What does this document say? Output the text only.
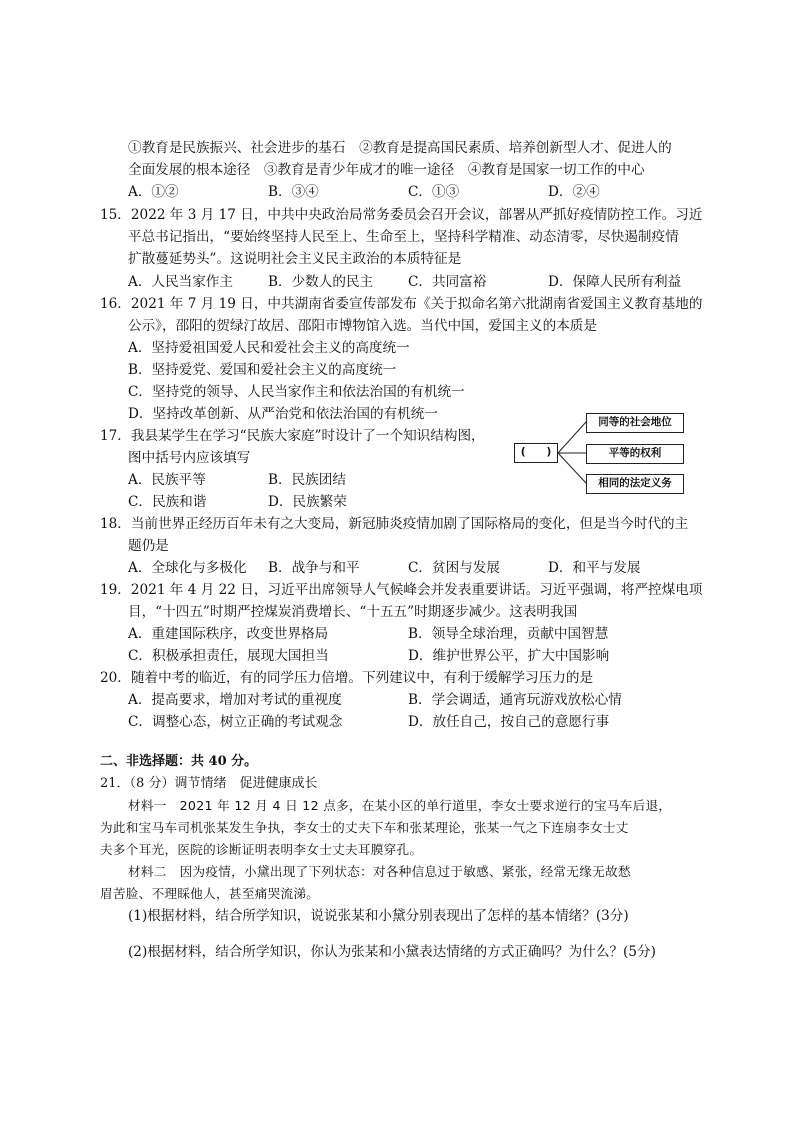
①教育是民族振兴、社会进步的基石　②教育是提高国民素质、培养创新型人才、促进人的
全面发展的根本途径　③教育是青少年成才的唯一途径　④教育是国家一切工作的中心
A．①②	B．③④	C．①③	D．②④
15．2022 年 3 月 17 日，中共中央政治局常务委员会召开会议，部署从严抓好疫情防控工作。习近
平总书记指出，“要始终坚持人民至上、生命至上，坚持科学精准、动态清零，尽快遏制疫情
扩散蔓延势头”。这说明社会主义民主政治的本质特征是
A．人民当家作主	B．少数人的民主	C．共同富裕	D．保障人民所有利益
16．2021 年 7 月 19 日，中共湖南省委宣传部发布《关于拟命名第六批湖南省爱国主义教育基地的
公示》，邵阳的贺绿汀故居、邵阳市博物馆入选。当代中国，爱国主义的本质是
A．坚持爱祖国爱人民和爱社会主义的高度统一
B．坚持爱党、爱国和爱社会主义的高度统一
C．坚持党的领导、人民当家作主和依法治国的有机统一
D．坚持改革创新、从严治党和依法治国的有机统一
17．我县某学生在学习“民族大家庭”时设计了一个知识结构图，
图中括号内应该填写
A．民族平等	B．民族团结
C．民族和谐	D．民族繁荣
(　　)
同等的社会地位
平等的权利
相同的法定义务
18．当前世界正经历百年未有之大变局，新冠肺炎疫情加剧了国际格局的变化，但是当今时代的主
题仍是
A．全球化与多极化 B．战争与和平	C．贫困与发展	D．和平与发展
19．2021 年 4 月 22 日，习近平出席领导人气候峰会并发表重要讲话。习近平强调，将严控煤电项
目，“十四五”时期严控煤炭消费增长、“十五五”时期逐步减少。这表明我国
A．重建国际秩序，改变世界格局	B．领导全球治理，贡献中国智慧
C．积极承担责任，展现大国担当	D．维护世界公平，扩大中国影响
20．随着中考的临近，有的同学压力倍增。下列建议中，有利于缓解学习压力的是
A．提高要求，增加对考试的重视度	B．学会调适，通宵玩游戏放松心情
C．调整心态，树立正确的考试观念	D．放任自己，按自己的意愿行事
二、非选择题：共 40 分。
21．（8 分）调节情绪　促进健康成长
材料一　2021 年 12 月 4 日 12 点多，在某小区的单行道里，李女士要求逆行的宝马车后退，
为此和宝马车司机张某发生争执，李女士的丈夫下车和张某理论，张某一气之下连扇李女士丈
夫多个耳光，医院的诊断证明表明李女士丈夫耳膜穿孔。
材料二　因为疫情，小黛出现了下列状态：对各种信息过于敏感、紧张，经常无缘无故愁
眉苦脸、不理睬他人，甚至痛哭流涕。
(1)根据材料，结合所学知识，说说张某和小黛分别表现出了怎样的基本情绪？(3分)
(2)根据材料，结合所学知识，你认为张某和小黛表达情绪的方式正确吗？为什么？(5分)
